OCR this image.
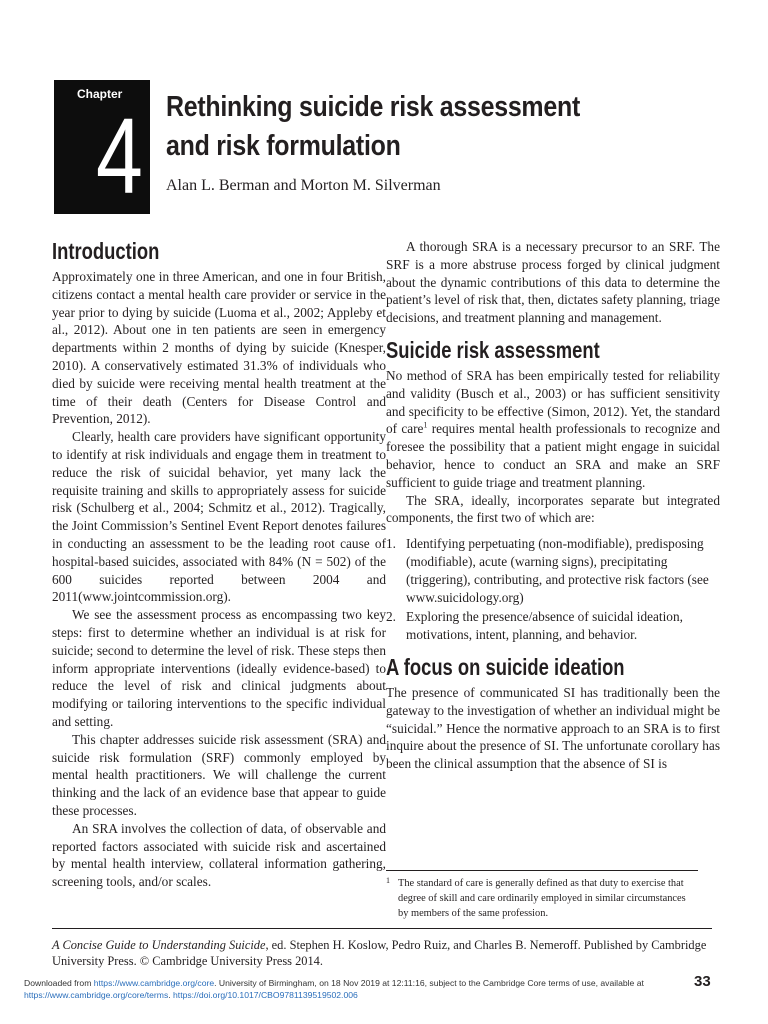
Chapter
4 Rethinking suicide risk assessment
and risk formulation
Alan L. Berman and Morton M. Silverman
Introduction

Approximately one in three American, and one in four British, citizens contact a mental health care provider or service in the year prior to dying by suicide (Luoma et al., 2002; Appleby et al., 2012). About one in ten patients are seen in emergency departments within 2 months of dying by suicide (Knesper, 2010). A conservatively estimated 31.3% of individuals who died by suicide were receiving mental health treatment at the time of their death (Centers for Disease Control and Prevention, 2012).

Clearly, health care providers have significant opportunity to identify at risk individuals and engage them in treatment to reduce the risk of suicidal behavior, yet many lack the requisite training and skills to appropriately assess for suicide risk (Schulberg et al., 2004; Schmitz et al., 2012). Tragically, the Joint Commission’s Sentinel Event Report denotes failures in conducting an assessment to be the leading root cause of hospital-based suicides, associated with 84% (N = 502) of the 600 suicides reported between 2004 and 2011(www.jointcommission.org).

We see the assessment process as encompassing two key steps: first to determine whether an individual is at risk for suicide; second to determine the level of risk. These steps then inform appropriate interventions (ideally evidence-based) to reduce the level of risk and clinical judgments about modifying or tailoring interventions to the specific individual and setting.

This chapter addresses suicide risk assessment (SRA) and suicide risk formulation (SRF) commonly employed by mental health practitioners. We will challenge the current thinking and the lack of an evidence base that appear to guide these processes.

An SRA involves the collection of data, of observable and reported factors associated with suicide risk and ascertained by mental health interview, collateral information gathering, screening tools, and/or scales.

A thorough SRA is a necessary precursor to an SRF. The SRF is a more abstruse process forged by clinical judgment about the dynamic contributions of this data to determine the patient’s level of risk that, then, dictates safety planning, triage decisions, and treatment planning and management.

Suicide risk assessment

No method of SRA has been empirically tested for reliability and validity (Busch et al., 2003) or has sufficient sensitivity and specificity to be effective (Simon, 2012). Yet, the standard of care$^1$ requires mental health professionals to recognize and foresee the possibility that a patient might engage in suicidal behavior, hence to conduct an SRA and make an SRF sufficient to guide triage and treatment planning.

The SRA, ideally, incorporates separate but integrated components, the first two of which are:

1. Identifying perpetuating (non-modifiable), predisposing (modifiable), acute (warning signs), precipitating (triggering), contributing, and protective risk factors (see www.suicidology.org)
2. Exploring the presence/absence of suicidal ideation, motivations, intent, planning, and behavior.
A focus on suicide ideation

The presence of communicated SI has traditionally been the gateway to the investigation of whether an individual might be “suicidal.” Hence the normative approach to an SRA is to first inquire about the presence of SI. The unfortunate corollary has been the clinical assumption that the absence of SI is

1 The standard of care is generally defined as that duty to exercise that degree of skill and care ordinarily employed in similar circumstances by members of the same profession.
A Concise Guide to Understanding Suicide, ed. Stephen H. Koslow, Pedro Ruiz, and Charles B. Nemeroff. Published by Cambridge University Press. © Cambridge University Press 2014.
Downloaded from https://www.cambridge.org/core. University of Birmingham, on 18 Nov 2019 at 12:11:16, subject to the Cambridge Core terms of use, available at
https://www.cambridge.org/core/terms. https://doi.org/10.1017/CBO9781139519502.006
33
